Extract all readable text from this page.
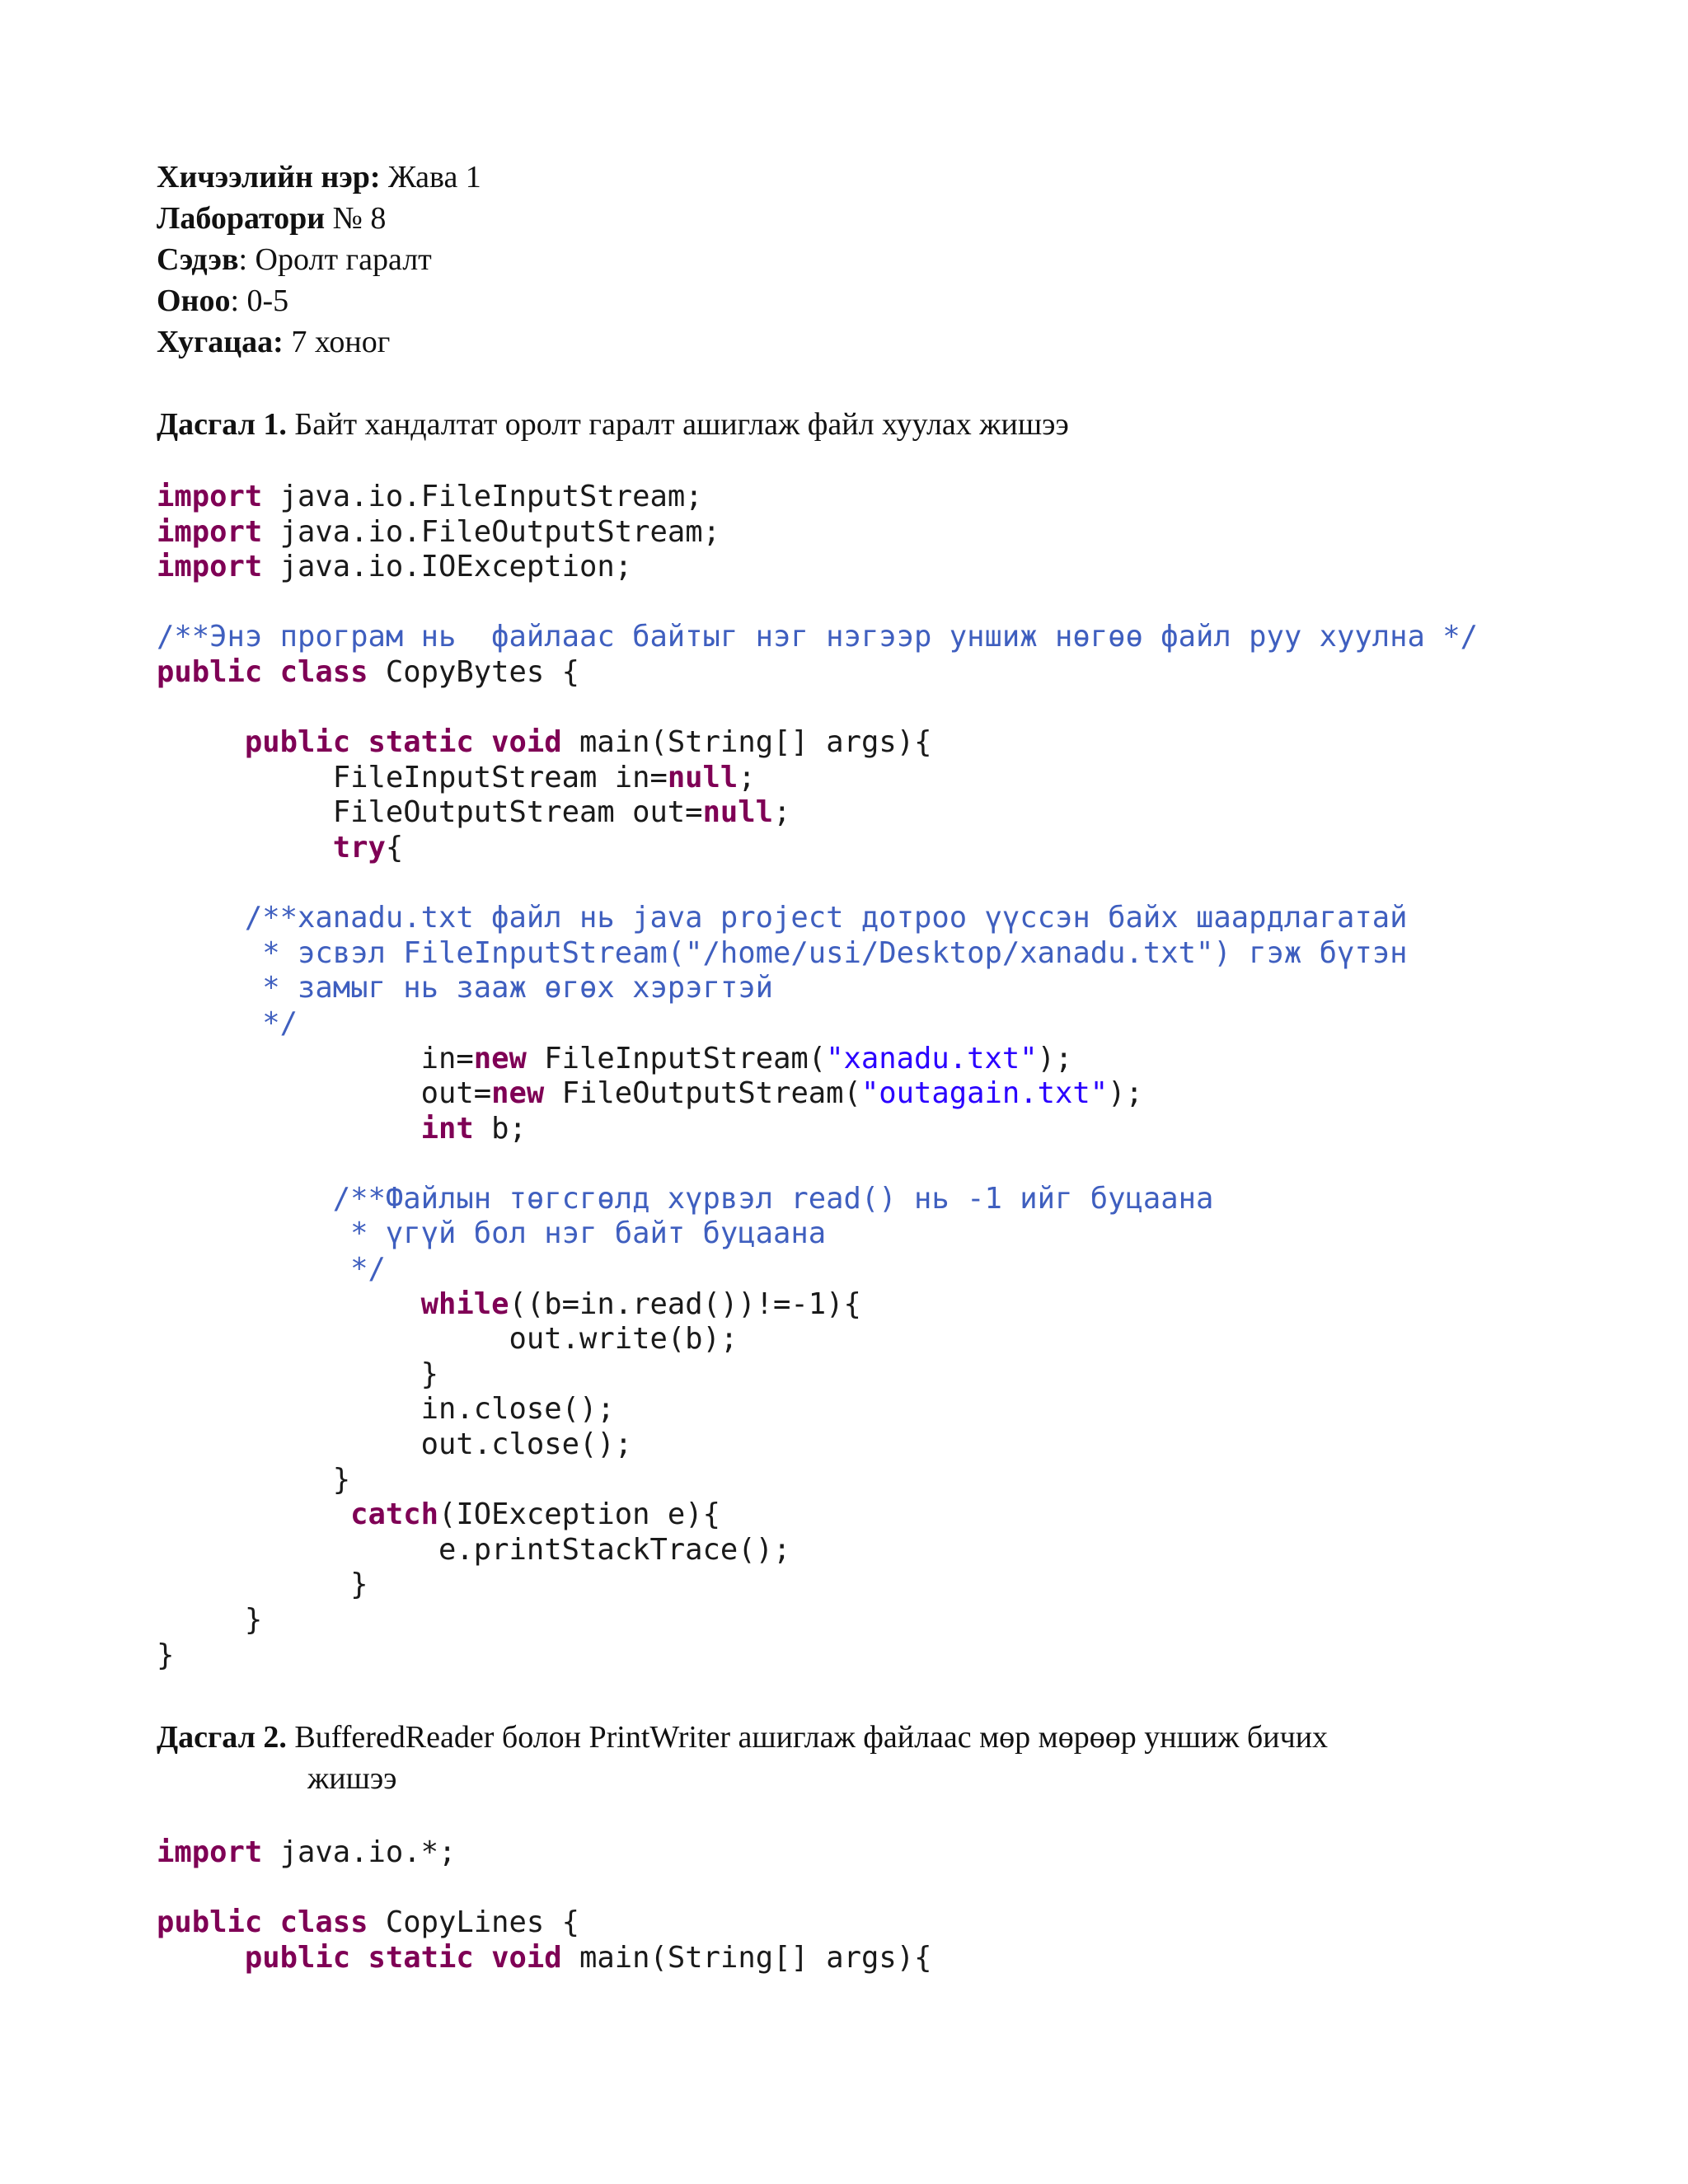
Хичээлийн нэр: Жава 1
Лаборатори № 8
Сэдэв: Оролт гаралт
Оноо: 0-5
Хугацаа: 7 хоног
Дасгал 1. Байт хандалтат оролт гаралт ашиглаж файл хуулах жишээ
import java.io.FileInputStream;
import java.io.FileOutputStream;
import java.io.IOException;
/**Энэ програм нь  файлаас байтыг нэг нэгээр уншиж нөгөө файл руу хуулна */
public class CopyBytes {
public static void main(String[] args){
FileInputStream in=null;
FileOutputStream out=null;
try{
/**xanadu.txt файл нь java project дотроо үүссэн байх шаардлагатай
* эсвэл FileInputStream("/home/usi/Desktop/xanadu.txt") гэж бүтэн
* замыг нь зааж өгөх хэрэгтэй
*/
in=new FileInputStream("xanadu.txt");
out=new FileOutputStream("outagain.txt");
int b;
/**Файлын төгсгөлд хүрвэл read() нь -1 ийг буцаана
* үгүй бол нэг байт буцаана
*/
while((b=in.read())!=-1){
out.write(b);
}
in.close();
out.close();
}
catch(IOException e){
e.printStackTrace();
}
}
}
Дасгал 2. BufferedReader болон PrintWriter ашиглаж файлаас мөр мөрөөр уншиж бичих
жишээ
import java.io.*;
public class CopyLines {
public static void main(String[] args){
